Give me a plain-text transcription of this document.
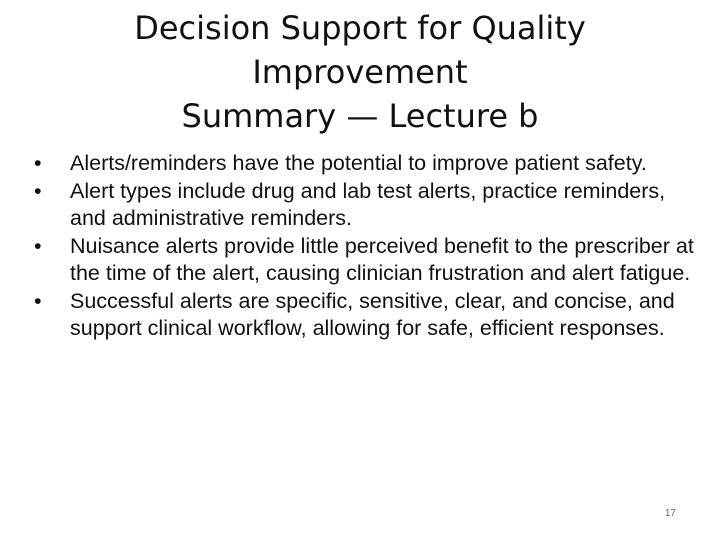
Decision Support for Quality
Improvement
Summary — Lecture b
•	Alerts/reminders have the potential to improve patient safety.
•	Alert types include drug and lab test alerts, practice reminders, and administrative reminders.
•	Nuisance alerts provide little perceived benefit to the prescriber at the time of the alert, causing clinician frustration and alert fatigue.
•	Successful alerts are specific, sensitive, clear, and concise, and support clinical workflow, allowing for safe, efficient responses.
17
